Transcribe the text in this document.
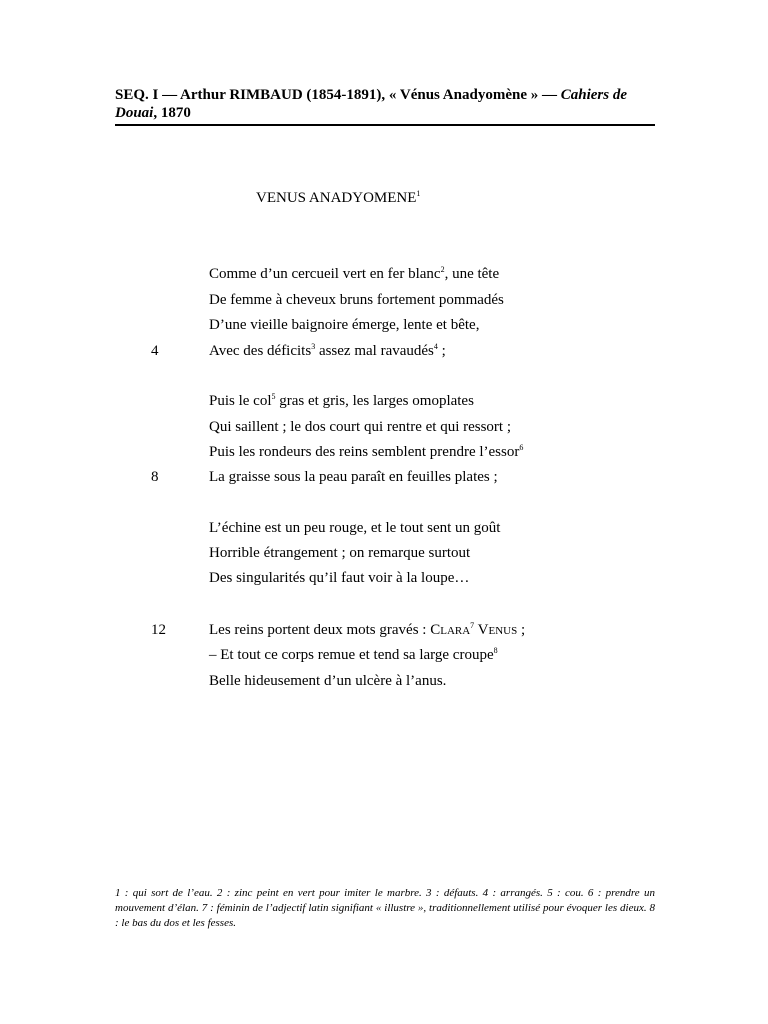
SEQ. I — Arthur RIMBAUD (1854-1891), « Vénus Anadyomène » — Cahiers de Douai, 1870
VENUS ANADYOMENE$^1$
Comme d’un cercueil vert en fer blanc$^2$, une tête
De femme à cheveux bruns fortement pommadés
D’une vieille baignoire émerge, lente et bête,
4	Avec des déficits$^3$ assez mal ravaudés$^4$ ;
Puis le col$^5$ gras et gris, les larges omoplates
Qui saillent ; le dos court qui rentre et qui ressort ;
Puis les rondeurs des reins semblent prendre l’essor$^6$
8	La graisse sous la peau paraît en feuilles plates ;
L’échine est un peu rouge, et le tout sent un goût
Horrible étrangement ; on remarque surtout
Des singularités qu’il faut voir à la loupe…
12	Les reins portent deux mots gravés : CLARA$^7$ VENUS ;
– Et tout ce corps remue et tend sa large croupe$^8$
Belle hideusement d’un ulcère à l’anus.
1 : qui sort de l’eau. 2 : zinc peint en vert pour imiter le marbre. 3 : défauts. 4 : arrangés. 5 : cou. 6 : prendre un mouvement d’élan. 7 : féminin de l’adjectif latin signifiant « illustre », traditionnellement utilisé pour évoquer les dieux. 8 : le bas du dos et les fesses.
